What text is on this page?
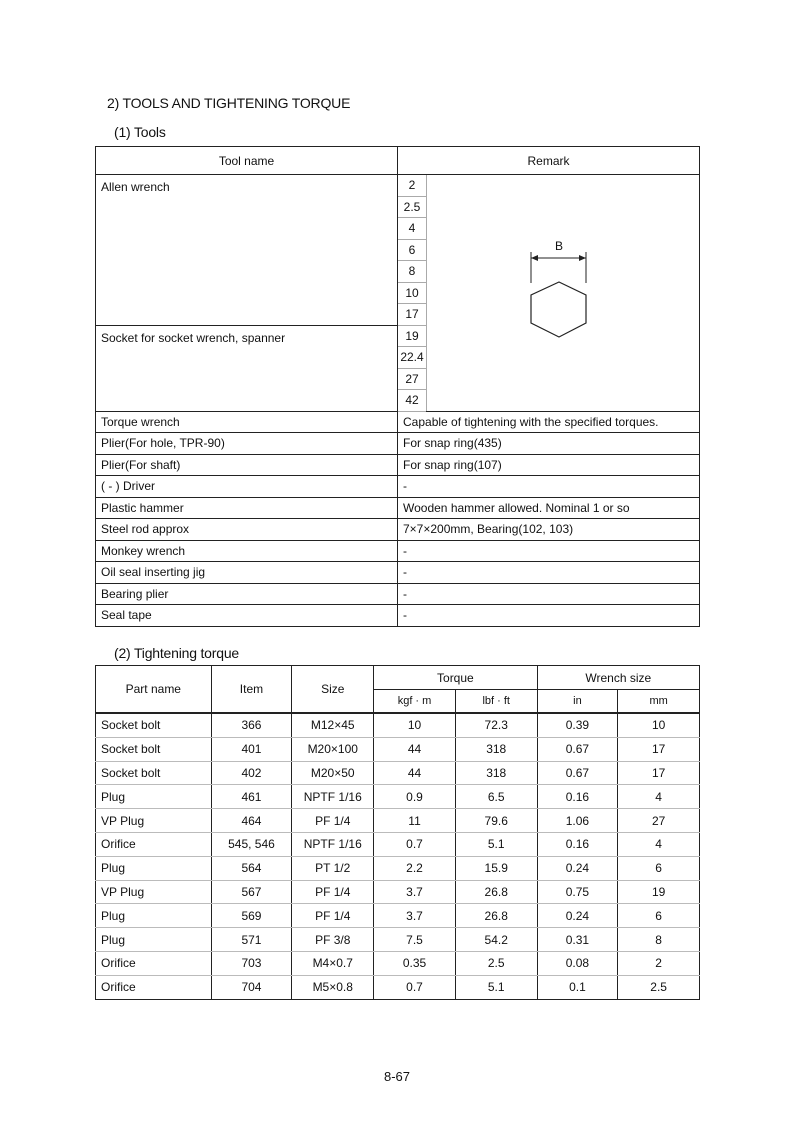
2) TOOLS AND TIGHTENING TORQUE
(1) Tools
Tool name	Remark	
Allen wrench	2	B

	2.5	
	4	
	6	
	8	
	10	
	17	
Socket for socket wrench, spanner	19	
	22.4	
	27	
	42	
Torque wrench	Capable of tightening with the specified torques.	
Plier(For hole, TPR-90)	For snap ring(435)	
Plier(For shaft)	For snap ring(107)	
( - ) Driver	-	
Plastic hammer	Wooden hammer allowed. Nominal 1 or so	
Steel rod approx	7×7×200mm, Bearing(102, 103)	
Monkey wrench	-	
Oil seal inserting jig	-	
Bearing plier	-	
Seal tape	-	
(2) Tightening torque
Part name	Item	Size	Torque		Wrench size	
			kgf · m	lbf · ft	in	mm
Socket bolt	366	M12×45	10	72.3	0.39	10
Socket bolt	401	M20×100	44	318	0.67	17
Socket bolt	402	M20×50	44	318	0.67	17
Plug	461	NPTF 1/16	0.9	6.5	0.16	4
VP Plug	464	PF 1/4	11	79.6	1.06	27
Orifice	545, 546	NPTF 1/16	0.7	5.1	0.16	4
Plug	564	PT 1/2	2.2	15.9	0.24	6
VP Plug	567	PF 1/4	3.7	26.8	0.75	19
Plug	569	PF 1/4	3.7	26.8	0.24	6
Plug	571	PF 3/8	7.5	54.2	0.31	8
Orifice	703	M4×0.7	0.35	2.5	0.08	2
Orifice	704	M5×0.8	0.7	5.1	0.1	2.5
8-67
